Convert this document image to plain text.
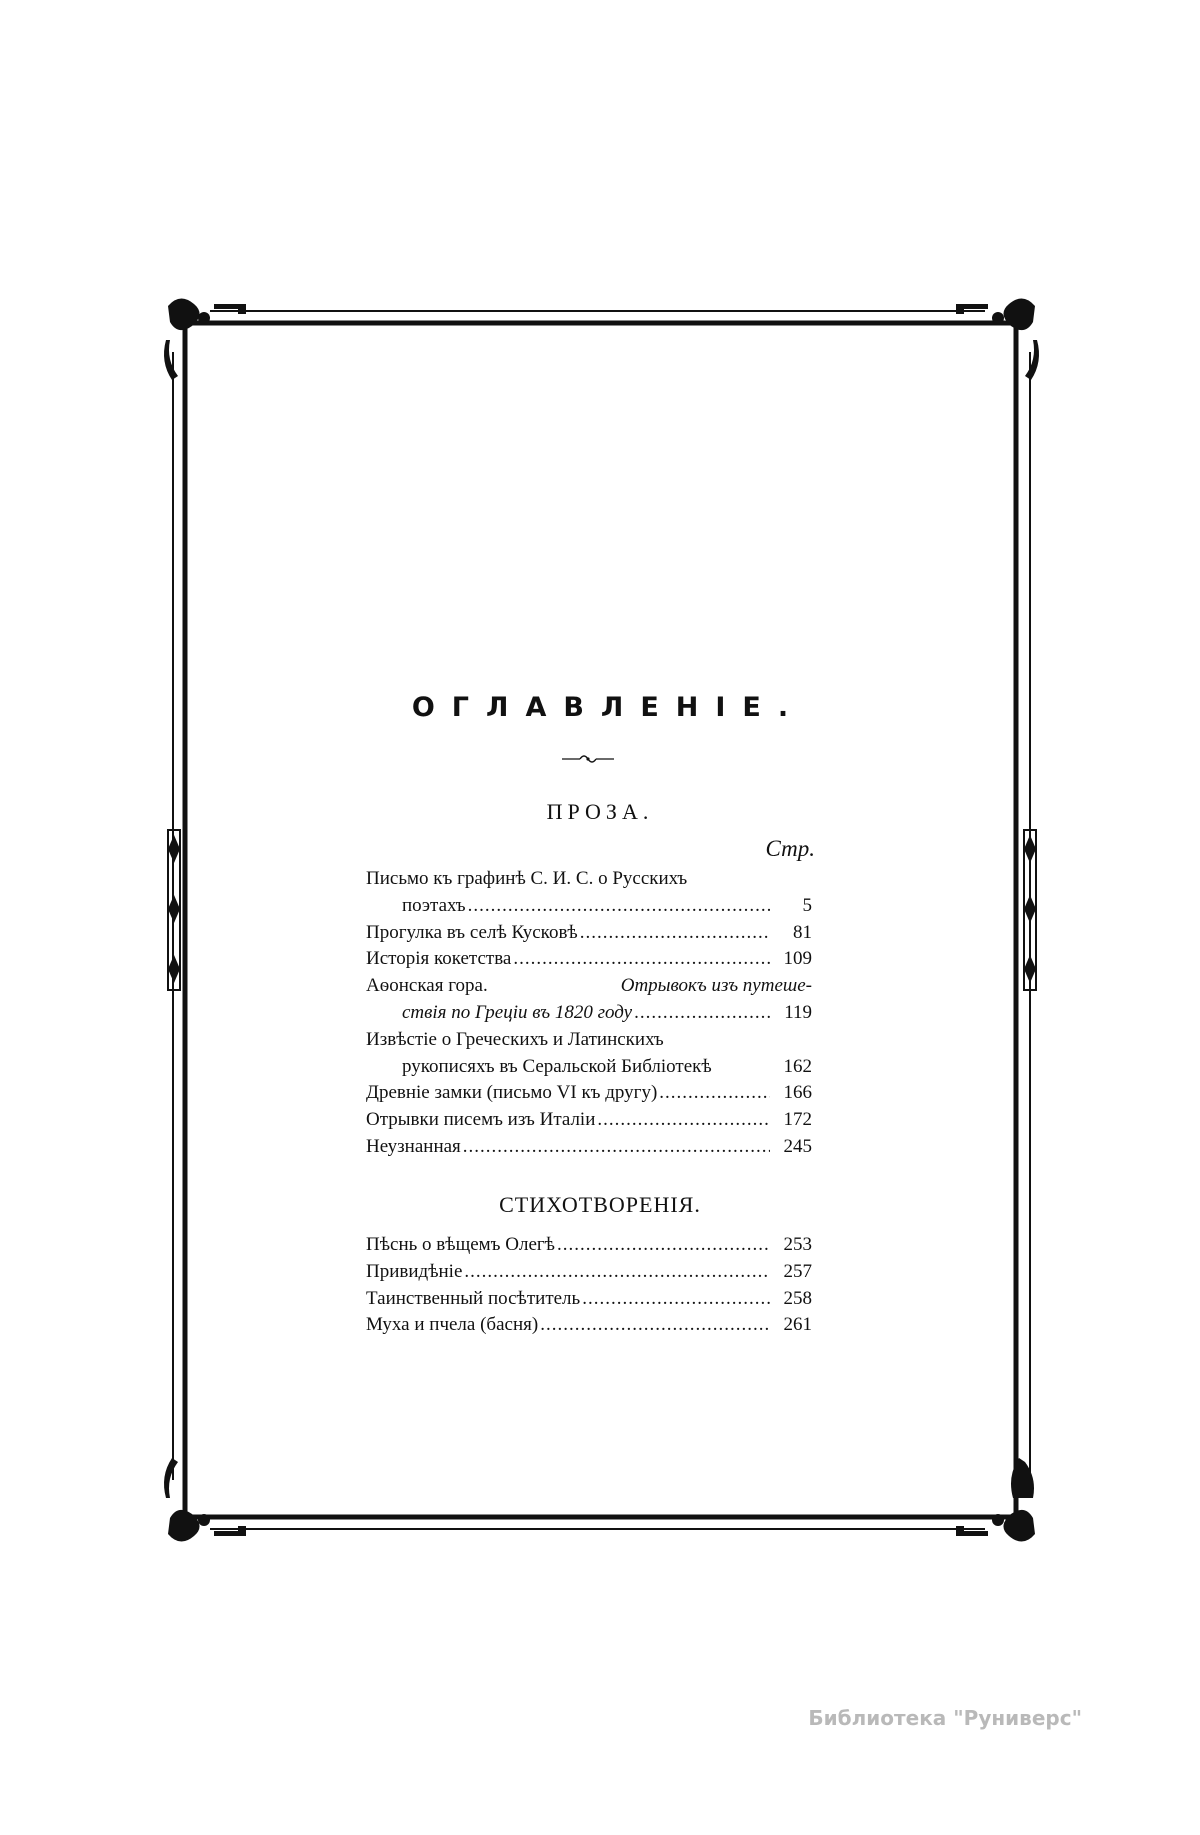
ОГЛАВЛЕНІЕ.
ПРОЗА.
Стр.
Письмо къ графинѣ С. И. С. о Русскихъ
поэтахъ .....	5
Прогулка въ селѣ Кусковѣ .....	81
Исторія кокетства .....	109
Аѳонская гора.	Отрывокъ изъ путеше-
ствія по Греціи въ 1820 году .....	119
Извѣстіе о Греческихъ и Латинскихъ
рукописяхъ въ Серальской Библіотекѣ	162
Древніе замки (письмо VI къ другу) .....	166
Отрывки писемъ изъ Италіи .....	172
Неузнанная .....	245
СТИХОТВОРЕНІЯ.
Пѣснь о вѣщемъ Олегѣ .....	253
Привидѣніе .....	257
Таинственный посѣтитель .....	258
Муха и пчела (басня) .....	261
Библиотека "Руниверс"
